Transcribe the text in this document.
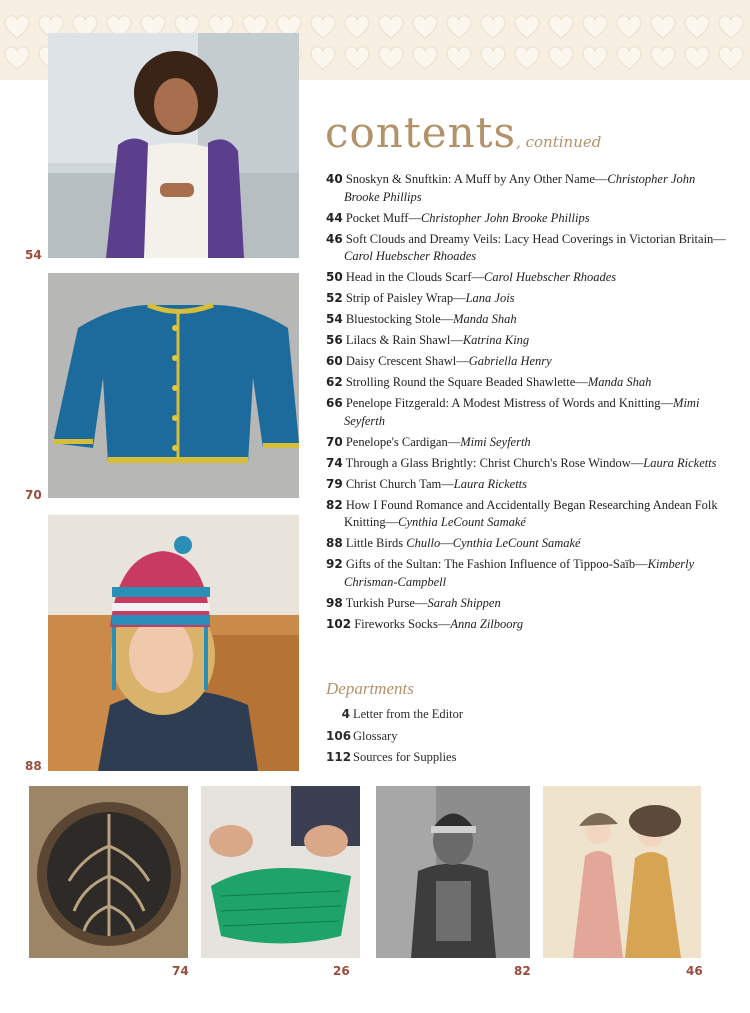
54
70
88
contents, continued
40 Snoskyn & Snuftkin: A Muff by Any Other Name—Christopher John Brooke Phillips
44 Pocket Muff—Christopher John Brooke Phillips
46 Soft Clouds and Dreamy Veils: Lacy Head Coverings in Victorian Britain—Carol Huebscher Rhoades
50 Head in the Clouds Scarf—Carol Huebscher Rhoades
52 Strip of Paisley Wrap—Lana Jois
54 Bluestocking Stole—Manda Shah
56 Lilacs & Rain Shawl—Katrina King
60 Daisy Crescent Shawl—Gabriella Henry
62 Strolling Round the Square Beaded Shawlette—Manda Shah
66 Penelope Fitzgerald: A Modest Mistress of Words and Knitting—Mimi Seyferth
70 Penelope's Cardigan—Mimi Seyferth
74 Through a Glass Brightly: Christ Church's Rose Window—Laura Ricketts
79 Christ Church Tam—Laura Ricketts
82 How I Found Romance and Accidentally Began Researching Andean Folk Knitting—Cynthia LeCount Samaké
88 Little Birds Chullo—Cynthia LeCount Samaké
92 Gifts of the Sultan: The Fashion Influence of Tippoo-Saïb—Kimberly Chrisman-Campbell
98 Turkish Purse—Sarah Shippen
102 Fireworks Socks—Anna Zilboorg
Departments
4 Letter from the Editor
106 Glossary
112 Sources for Supplies
74	26	82	46
